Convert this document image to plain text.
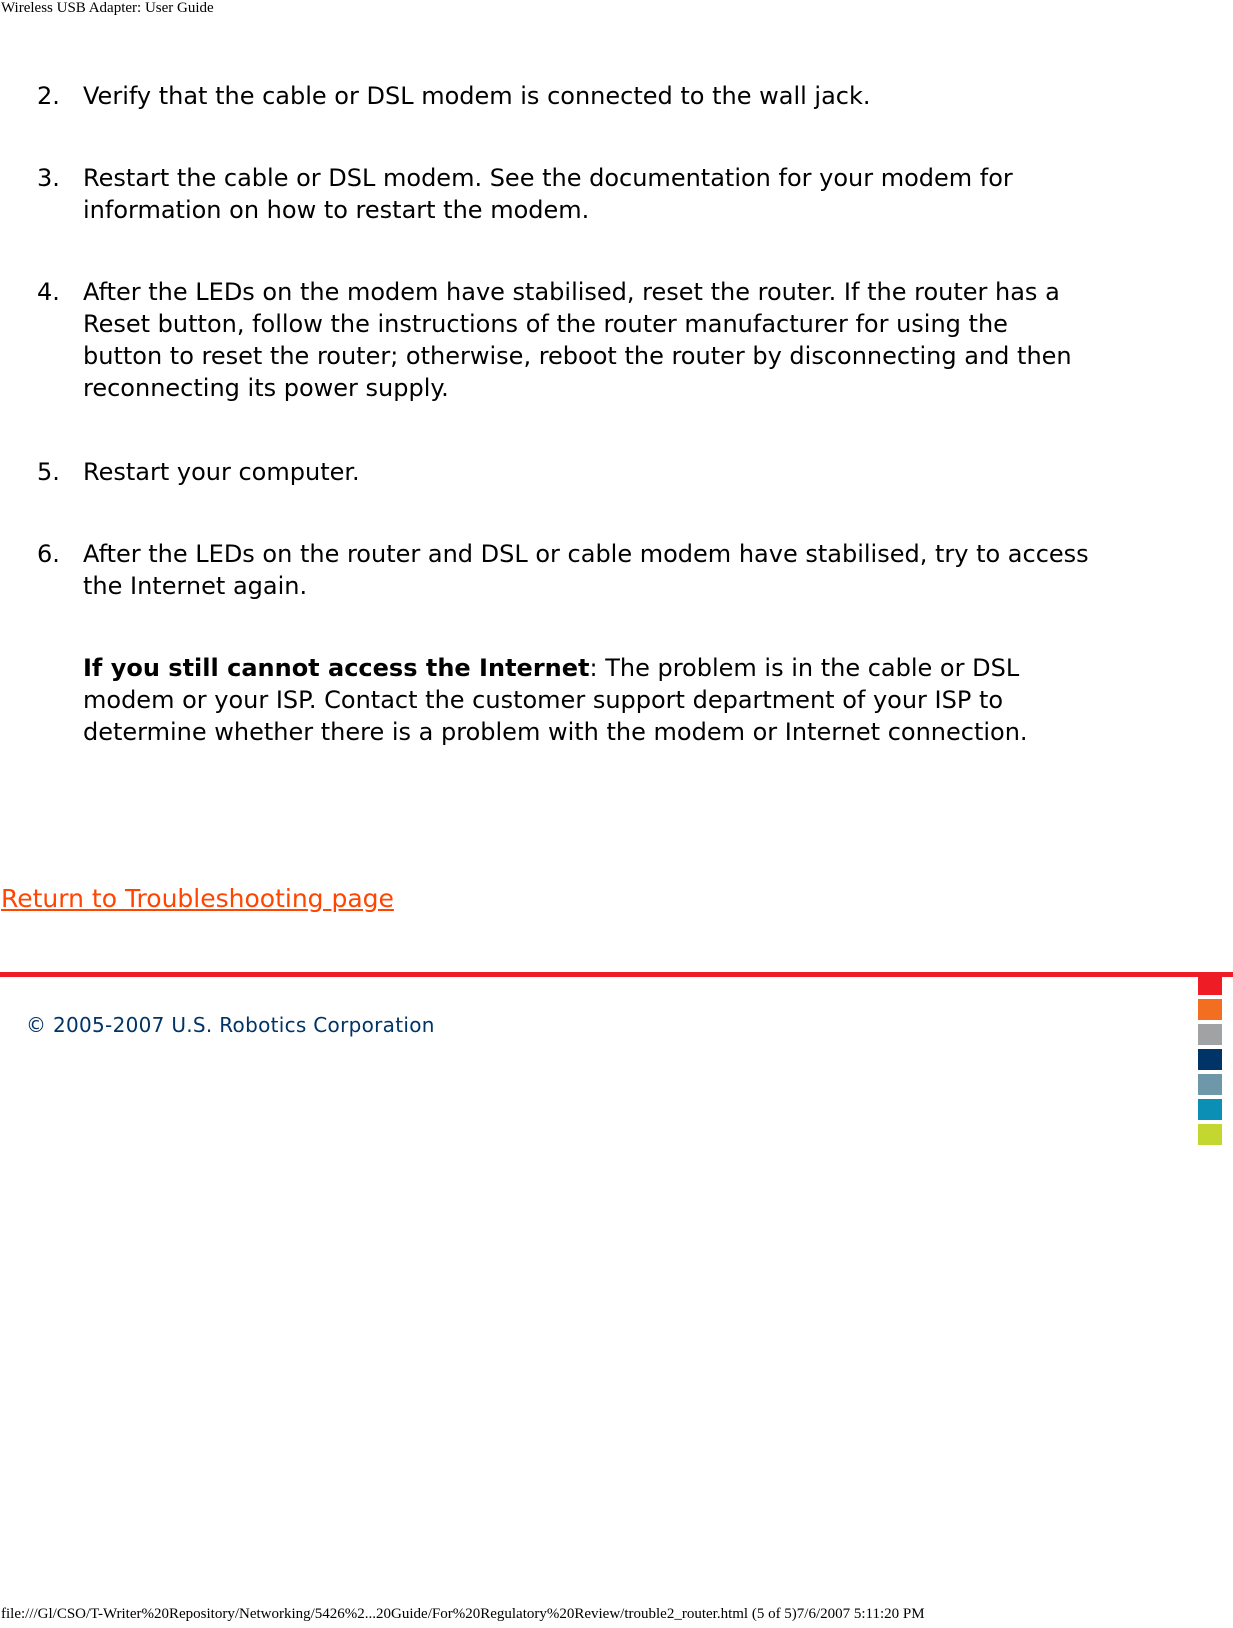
Wireless USB Adapter: User Guide
2. Verify that the cable or DSL modem is connected to the wall jack.
3. Restart the cable or DSL modem. See the documentation for your modem for
information on how to restart the modem.
4. After the LEDs on the modem have stabilised, reset the router. If the router has a
Reset button, follow the instructions of the router manufacturer for using the
button to reset the router; otherwise, reboot the router by disconnecting and then
reconnecting its power supply.
5. Restart your computer.
6. After the LEDs on the router and DSL or cable modem have stabilised, try to access
the Internet again.
If you still cannot access the Internet: The problem is in the cable or DSL
modem or your ISP. Contact the customer support department of your ISP to
determine whether there is a problem with the modem or Internet connection.
Return to Troubleshooting page
© 2005-2007 U.S. Robotics Corporation
file:///Gl/CSO/T-Writer%20Repository/Networking/5426%2...20Guide/For%20Regulatory%20Review/trouble2_router.html (5 of 5)7/6/2007 5:11:20 PM
